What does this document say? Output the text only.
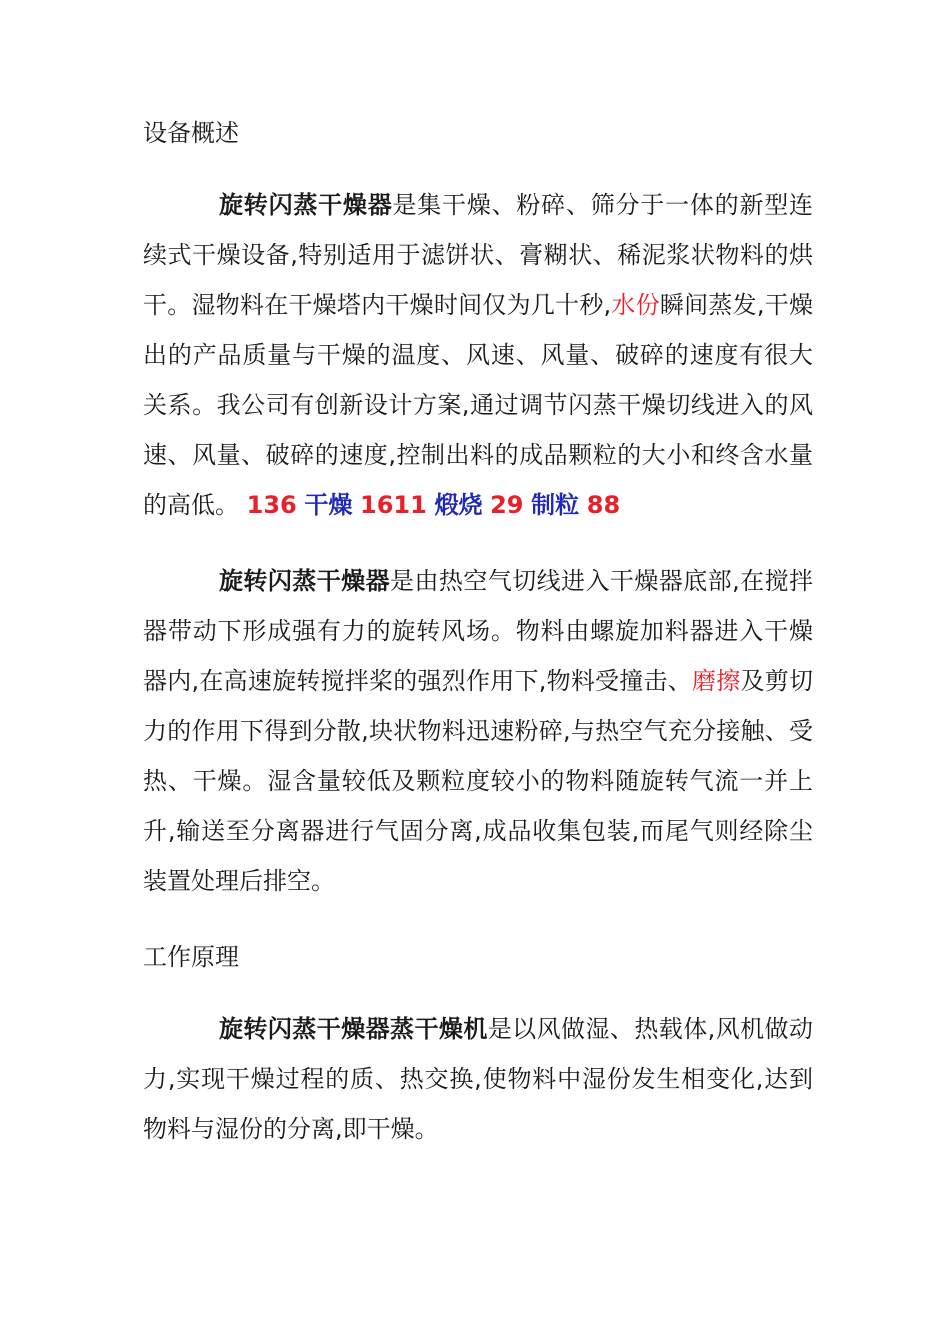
设备概述

旋转闪蒸干燥器是集干燥、粉碎、筛分于一体的新型连续式干燥设备,特别适用于滤饼状、膏糊状、稀泥浆状物料的烘干。湿物料在干燥塔内干燥时间仅为几十秒,水份瞬间蒸发,干燥出的产品质量与干燥的温度、风速、风量、破碎的速度有很大关系。我公司有创新设计方案,通过调节闪蒸干燥切线进入的风速、风量、破碎的速度,控制出料的成品颗粒的大小和终含水量的高低。 136 干燥 1611 煅烧 29 制粒 88

旋转闪蒸干燥器是由热空气切线进入干燥器底部,在搅拌器带动下形成强有力的旋转风场。物料由螺旋加料器进入干燥器内,在高速旋转搅拌桨的强烈作用下,物料受撞击、磨擦及剪切力的作用下得到分散,块状物料迅速粉碎,与热空气充分接触、受热、干燥。湿含量较低及颗粒度较小的物料随旋转气流一并上升,输送至分离器进行气固分离,成品收集包装,而尾气则经除尘装置处理后排空。

工作原理

旋转闪蒸干燥器蒸干燥机是以风做湿、热载体,风机做动力,实现干燥过程的质、热交换,使物料中湿份发生相变化,达到物料与湿份的分离,即干燥。
